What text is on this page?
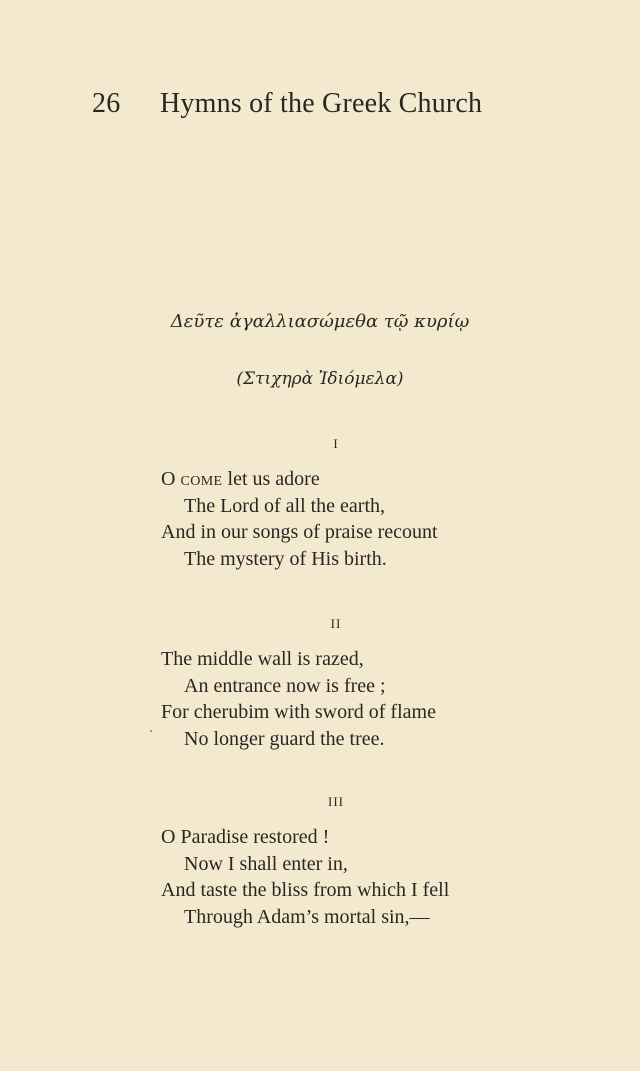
26 Hymns of the Greek Church
Δεῦτε ἀγαλλιασώμεθα τῷ κυρίῳ
(Στιχηρὰ Ἰδιόμελα)
I
O come let us adore
The Lord of all the earth,
And in our songs of praise recount
The mystery of His birth.
II
The middle wall is razed,
An entrance now is free ;
For cherubim with sword of flame
No longer guard the tree.
III
O Paradise restored !
Now I shall enter in,
And taste the bliss from which I fell
Through Adam’s mortal sin,—
